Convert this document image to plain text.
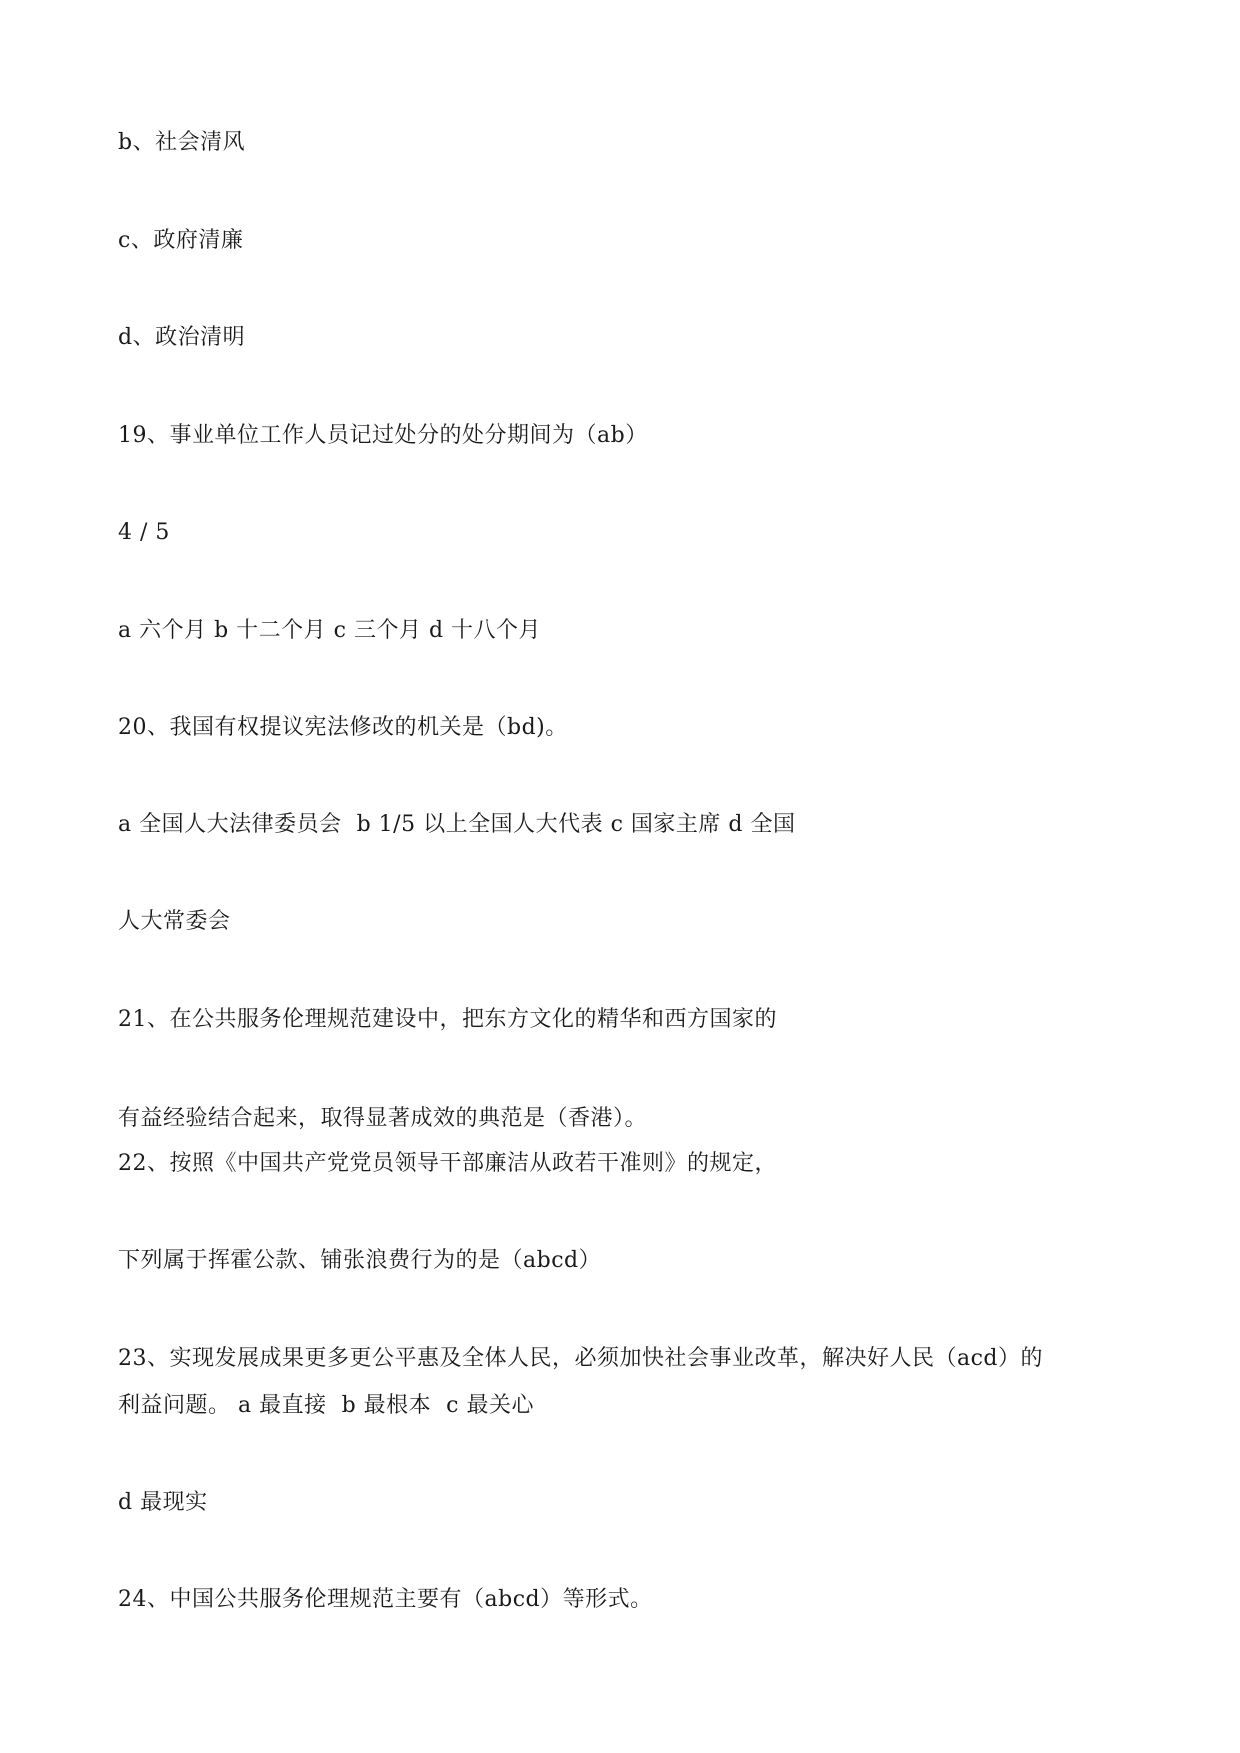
b、社会清风
c、政府清廉
d、政治清明
19、事业单位工作人员记过处分的处分期间为（ab）
4 / 5
a 六个月 b 十二个月 c 三个月 d 十八个月
20、我国有权提议宪法修改的机关是（bd)。
a 全国人大法律委员会  b 1/5 以上全国人大代表 c 国家主席 d 全国
人大常委会
21、在公共服务伦理规范建设中，把东方文化的精华和西方国家的
有益经验结合起来，取得显著成效的典范是（香港）。
22、按照《中国共产党党员领导干部廉洁从政若干准则》的规定，
下列属于挥霍公款、铺张浪费行为的是（abcd）
23、实现发展成果更多更公平惠及全体人民，必须加快社会事业改革，解决好人民（acd）的
利益问题。 a 最直接  b 最根本  c 最关心
d 最现实
24、中国公共服务伦理规范主要有（abcd）等形式。
